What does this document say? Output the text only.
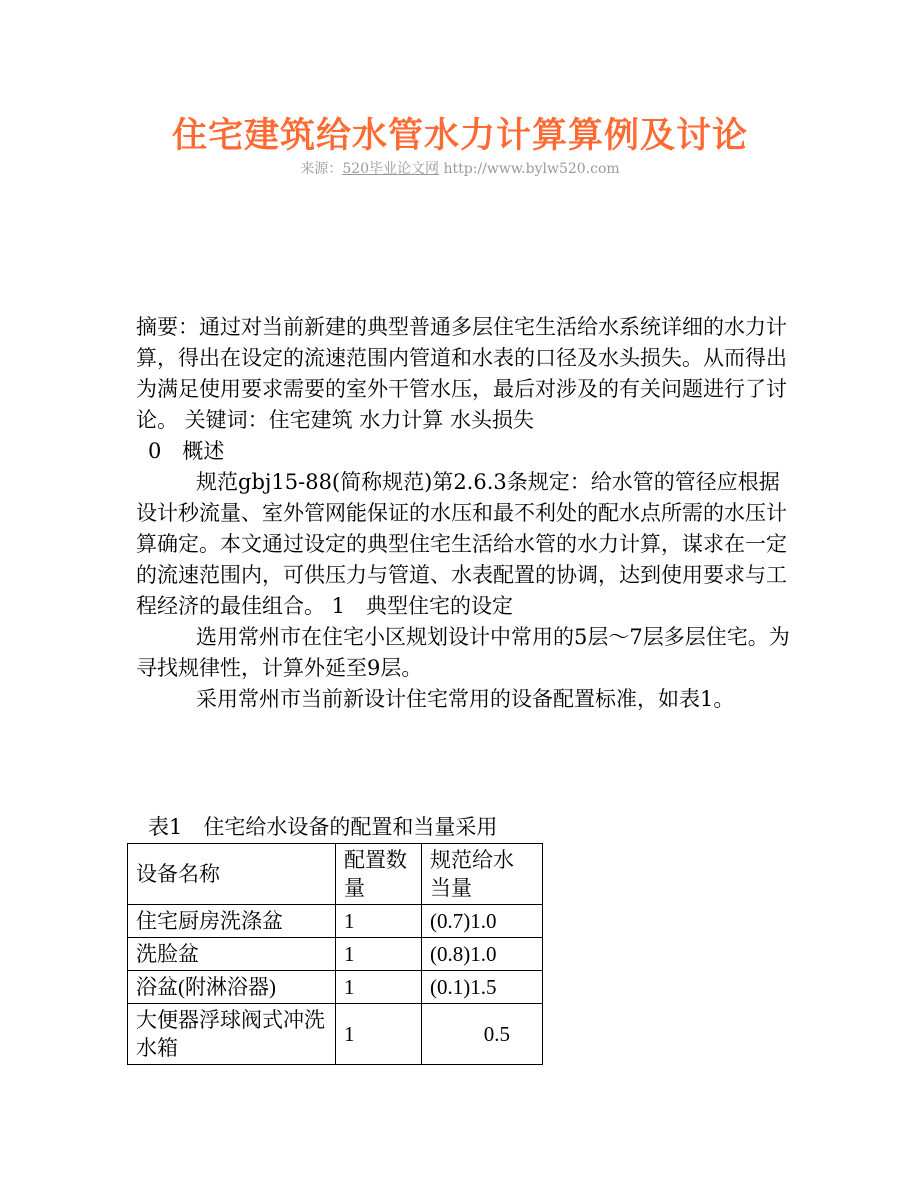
住宅建筑给水管水力计算算例及讨论
来源：520毕业论文网 http://www.bylw520.com

摘要：通过对当前新建的典型普通多层住宅生活给水系统详细的水力计算，得出在设定的流速范围内管道和水表的口径及水头损失。从而得出为满足使用要求需要的室外干管水压，最后对涉及的有关问题进行了讨论。 关键词：住宅建筑 水力计算 水头损失

0　概述

规范gbj15-88(简称规范)第2.6.3条规定：给水管的管径应根据设计秒流量、室外管网能保证的水压和最不利处的配水点所需的水压计算确定。本文通过设定的典型住宅生活给水管的水力计算，谋求在一定的流速范围内，可供压力与管道、水表配置的协调，达到使用要求与工程经济的最佳组合。 1　典型住宅的设定

选用常州市在住宅小区规划设计中常用的5层～7层多层住宅。为寻找规律性，计算外延至9层。

采用常州市当前新设计住宅常用的设备配置标准，如表1。

表1　住宅给水设备的配置和当量采用
设备名称	配置数量	规范给水当量
住宅厨房洗涤盆	1	(0.7)1.0
洗脸盆	1	(0.8)1.0
浴盆(附淋浴器)	1	(0.1)1.5
大便器浮球阀式冲洗水箱	1	0.5
